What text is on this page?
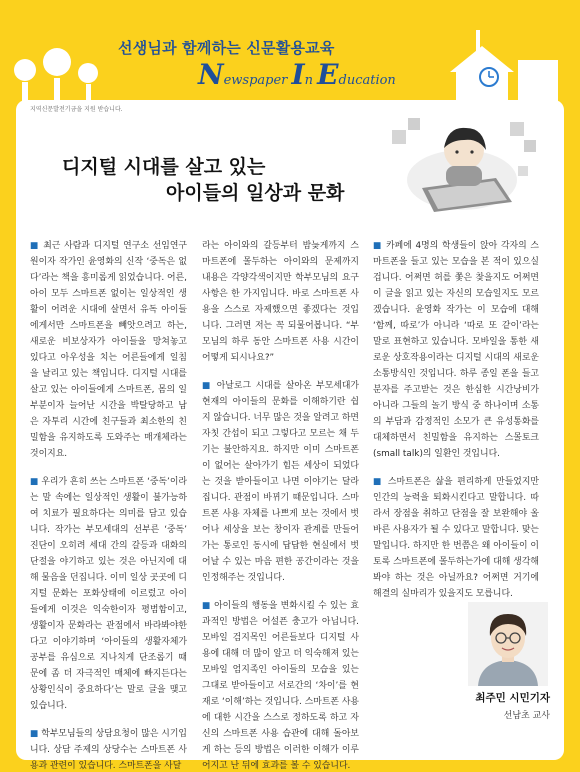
선생님과 함께하는 신문활용교육
Newspaper In Education
지역신문발전기금을 지원 받습니다.
디지털 시대를 살고 있는
아이들의 일상과 문화

■ 최근 사람과 디지털 연구소 선임연구원이자 작가인 윤영화의 신작 ‘중독은 없다’라는 책을 흥미롭게 읽었습니다. 어른, 아이 모두 스마트폰 없이는 일상적인 생활이 어려운 시대에 살면서 유독 아이들에게서만 스마트폰을 빼앗으려고 하는, 새로운 비보상자가 아이들을 망쳐놓고 있다고 아우성을 치는 어른들에게 일침을 날리고 있는 책입니다. 디지털 시대를 살고 있는 아이들에게 스마트폰, 몸의 일부분이자 늘어난 시간을 박탈당하고 남은 자투리 시간에 친구들과 최소한의 친밀함을 유지하도록 도와주는 매개체라는 것이지요.

■ 우리가 흔히 쓰는 스마트폰 ‘중독’이라는 말 속에는 일상적인 생활이 불가능하여 치료가 필요하다는 의미를 담고 있습니다. 작가는 부모세대의 선부른 ‘중독’ 진단이 오히려 세대 간의 갈등과 대화의 단절을 야기하고 있는 것은 아닌지에 대해 물음을 던집니다. 이미 일상 곳곳에 디지털 문화는 포화상태에 이르렀고 아이들에게 이것은 익숙한이자 평범함이고, 생활이자 문화라는 관점에서 바라봐야한다고 이야기하며 ‘아이들의 생활자체가 공부를 유심으로 지나치게 단조롭기 때문에 좀 더 자극적인 매체에 빠지든다는 상황인식이 중요하다’는 말로 글을 맺고 있습니다.

■ 학부모님들의 상담요청이 많은 시기입니다. 상담 주제의 상당수는 스마트폰 사용과 관련이 있습니다. 스마트폰을 사달

라는 아이와의 갈등부터 밤늦게까지 스마트폰에 몰두하는 아이와의 문제까지 내용은 각양각색이지만 학부모님의 요구사항은 한 가지입니다. 바로 스마트폰 사용을 스스로 자제했으면 좋겠다는 것입니다. 그러면 저는 꼭 되물어봅니다. “부모님의 하루 동안 스마트폰 사용 시간이 어떻게 되시나요?”

■ 아날로그 시대를 살아온 부모세대가 현재의 아이들의 문화를 이해하기란 쉽지 않습니다. 너무 많은 것을 알려고 하면 자칫 간섭이 되고 그렇다고 모르는 채 두기는 불안하지요. 하지만 이미 스마트폰이 없어는 살아가기 힘든 세상이 되었다는 것을 받아들이고 나면 이야기는 달라집니다. 관점이 바뀌기 때문입니다. 스마트폰 사용 자체를 나쁘게 보는 것에서 벗어나 세상을 보는 창이자 관계를 만들어가는 통로인 동시에 답답한 현실에서 벗어날 수 있는 마음 편한 공간이라는 것을 인정해주는 것입니다.

■ 아이들의 행동을 변화시킬 수 있는 효과적인 방법은 어설픈 충고가 아닙니다. 모바일 검지목인 어른들보다 디지털 사용에 대해 더 많이 알고 더 익숙해져 있는 모바일 엄지족인 아이들의 모습을 있는 그대로 받아들이고 서로간의 ‘차이’를 현재로 ‘이해’하는 것입니다. 스마트폰 사용에 대한 시간을 스스로 정하도록 하고 자신의 스마트폰 사용 습관에 대해 돌아보게 하는 등의 방법은 이러한 이해가 이루어지고 난 뒤에 효과를 볼 수 있습니다.

■ 카페에 4명의 학생들이 앉아 각자의 스마트폰을 들고 있는 모습을 본 적이 있으실 겁니다. 어쩌면 허를 쫓은 찾을지도 어쩌면 이 글을 읽고 있는 자신의 모습일지도 모르겠습니다. 윤영화 작가는 이 모습에 대해 ‘함께, 따로’가 아니라 ‘따로 또 같이’라는 말로 표현하고 있습니다. 모바일을 통한 새로운 상호작용이라는 디지털 시대의 새로운 소통방식인 것입니다. 하루 종일 폰을 들고 분자를 주고받는 것은 한심한 시간낭비가 아니라 그들의 놀기 방식 중 하나이며 소통의 부담과 감정적인 소모가 큰 유성통화를 대체하면서 친밀함을 유지하는 스몰토크(small talk)의 일환인 것입니다.

■ 스마트폰은 삶을 편리하게 만들었지만 인간의 능력을 퇴화시킨다고 말합니다. 따라서 장점을 취하고 단점을 잘 보완해야 올바른 사용자가 될 수 있다고 말합니다. 맞는 말입니다. 하지만 한 번쯤은 왜 아이들이 이토록 스마트폰에 몰두하는가에 대해 생각해봐야 하는 것은 아닐까요? 어쩌면 거기에 해결의 실마리가 있을지도 모릅니다.

최주민 시민기자
선남초 교사
